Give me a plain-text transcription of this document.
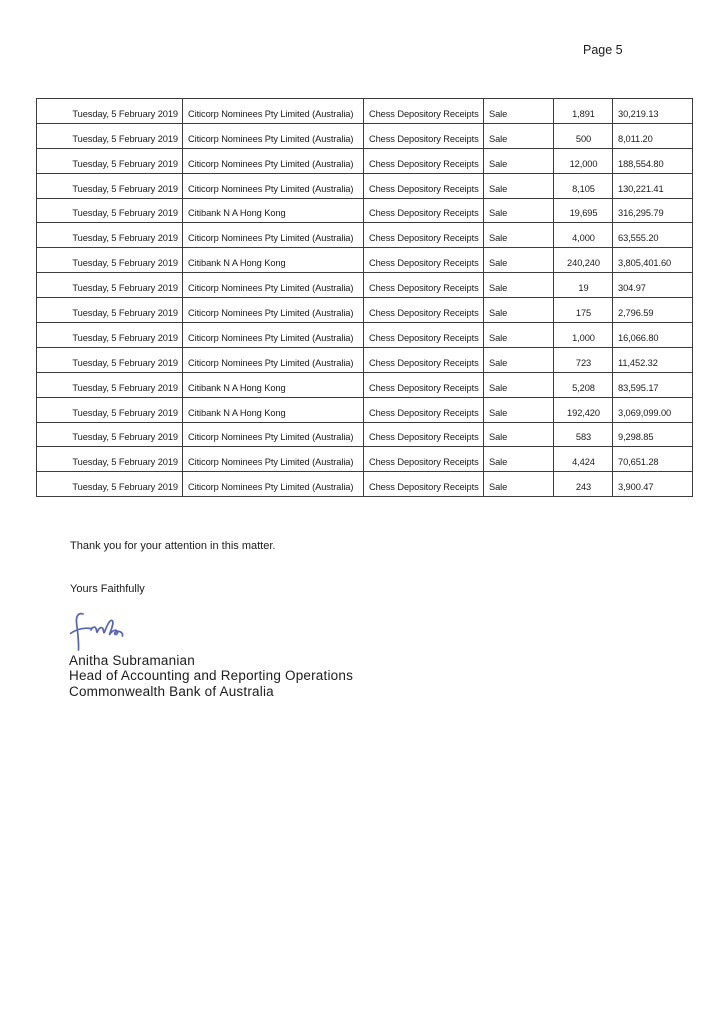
Page 5
Tuesday, 5 February 2019	Citicorp Nominees Pty Limited (Australia)	Chess Depository Receipts	Sale	1,891	30,219.13
Tuesday, 5 February 2019	Citicorp Nominees Pty Limited (Australia)	Chess Depository Receipts	Sale	500	8,011.20
Tuesday, 5 February 2019	Citicorp Nominees Pty Limited (Australia)	Chess Depository Receipts	Sale	12,000	188,554.80
Tuesday, 5 February 2019	Citicorp Nominees Pty Limited (Australia)	Chess Depository Receipts	Sale	8,105	130,221.41
Tuesday, 5 February 2019	Citibank N A Hong Kong	Chess Depository Receipts	Sale	19,695	316,295.79
Tuesday, 5 February 2019	Citicorp Nominees Pty Limited (Australia)	Chess Depository Receipts	Sale	4,000	63,555.20
Tuesday, 5 February 2019	Citibank N A Hong Kong	Chess Depository Receipts	Sale	240,240	3,805,401.60
Tuesday, 5 February 2019	Citicorp Nominees Pty Limited (Australia)	Chess Depository Receipts	Sale	19	304.97
Tuesday, 5 February 2019	Citicorp Nominees Pty Limited (Australia)	Chess Depository Receipts	Sale	175	2,796.59
Tuesday, 5 February 2019	Citicorp Nominees Pty Limited (Australia)	Chess Depository Receipts	Sale	1,000	16,066.80
Tuesday, 5 February 2019	Citicorp Nominees Pty Limited (Australia)	Chess Depository Receipts	Sale	723	11,452.32
Tuesday, 5 February 2019	Citibank N A Hong Kong	Chess Depository Receipts	Sale	5,208	83,595.17
Tuesday, 5 February 2019	Citibank N A Hong Kong	Chess Depository Receipts	Sale	192,420	3,069,099.00
Tuesday, 5 February 2019	Citicorp Nominees Pty Limited (Australia)	Chess Depository Receipts	Sale	583	9,298.85
Tuesday, 5 February 2019	Citicorp Nominees Pty Limited (Australia)	Chess Depository Receipts	Sale	4,424	70,651.28
Tuesday, 5 February 2019	Citicorp Nominees Pty Limited (Australia)	Chess Depository Receipts	Sale	243	3,900.47
Thank you for your attention in this matter.
Yours Faithfully
Anitha Subramanian
Head of Accounting and Reporting Operations
Commonwealth Bank of Australia
